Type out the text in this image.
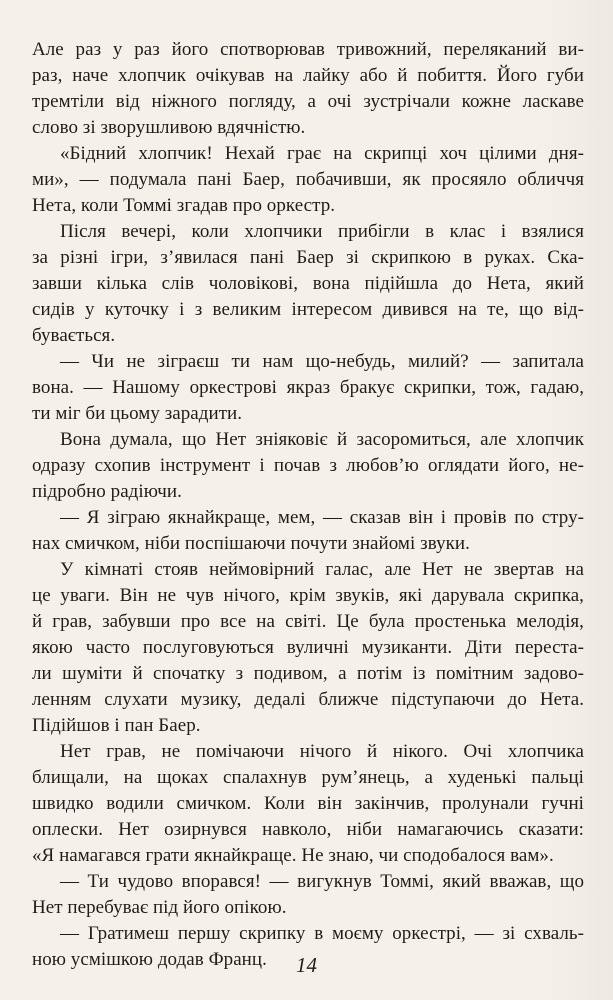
Але раз у раз його спотворював тривожний, переляканий ви-
раз, наче хлопчик очікував на лайку або й побиття. Його губи
тремтіли від ніжного погляду, а очі зустрічали кожне ласкаве
слово зі зворушливою вдячністю.
«Бідний хлопчик! Нехай грає на скрипці хоч цілими дня-
ми», — подумала пані Баер, побачивши, як просяяло обличчя
Нета, коли Томмі згадав про оркестр.
Після вечері, коли хлопчики прибігли в клас і взялися
за різні ігри, з’явилася пані Баер зі скрипкою в руках. Ска-
завши кілька слів чоловікові, вона підійшла до Нета, який
сидів у куточку і з великим інтересом дивився на те, що від-
бувається.
— Чи не зіграєш ти нам що-небудь, милий? — запитала
вона. — Нашому оркестрові якраз бракує скрипки, тож, гадаю,
ти міг би цьому зарадити.
Вона думала, що Нет зніяковіє й засоромиться, але хлопчик
одразу схопив інструмент і почав з любов’ю оглядати його, не-
підробно радіючи.
— Я зіграю якнайкраще, мем, — сказав він і провів по стру-
нах смичком, ніби поспішаючи почути знайомі звуки.
У кімнаті стояв неймовірний галас, але Нет не звертав на
це уваги. Він не чув нічого, крім звуків, які дарувала скрипка,
й грав, забувши про все на світі. Це була простенька мелодія,
якою часто послуговуються вуличні музиканти. Діти переста-
ли шуміти й спочатку з подивом, а потім із помітним задово-
ленням слухати музику, дедалі ближче підступаючи до Нета.
Підійшов і пан Баер.
Нет грав, не помічаючи нічого й нікого. Очі хлопчика
блищали, на щоках спалахнув рум’янець, а худенькі пальці
швидко водили смичком. Коли він закінчив, пролунали гучні
оплески. Нет озирнувся навколо, ніби намагаючись сказати:
«Я намагався грати якнайкраще. Не знаю, чи сподобалося вам».
— Ти чудово впорався! — вигукнув Томмі, який вважав, що
Нет перебуває під його опікою.
— Гратимеш першу скрипку в моєму оркестрі, — зі схваль-
ною усмішкою додав Франц.	14
